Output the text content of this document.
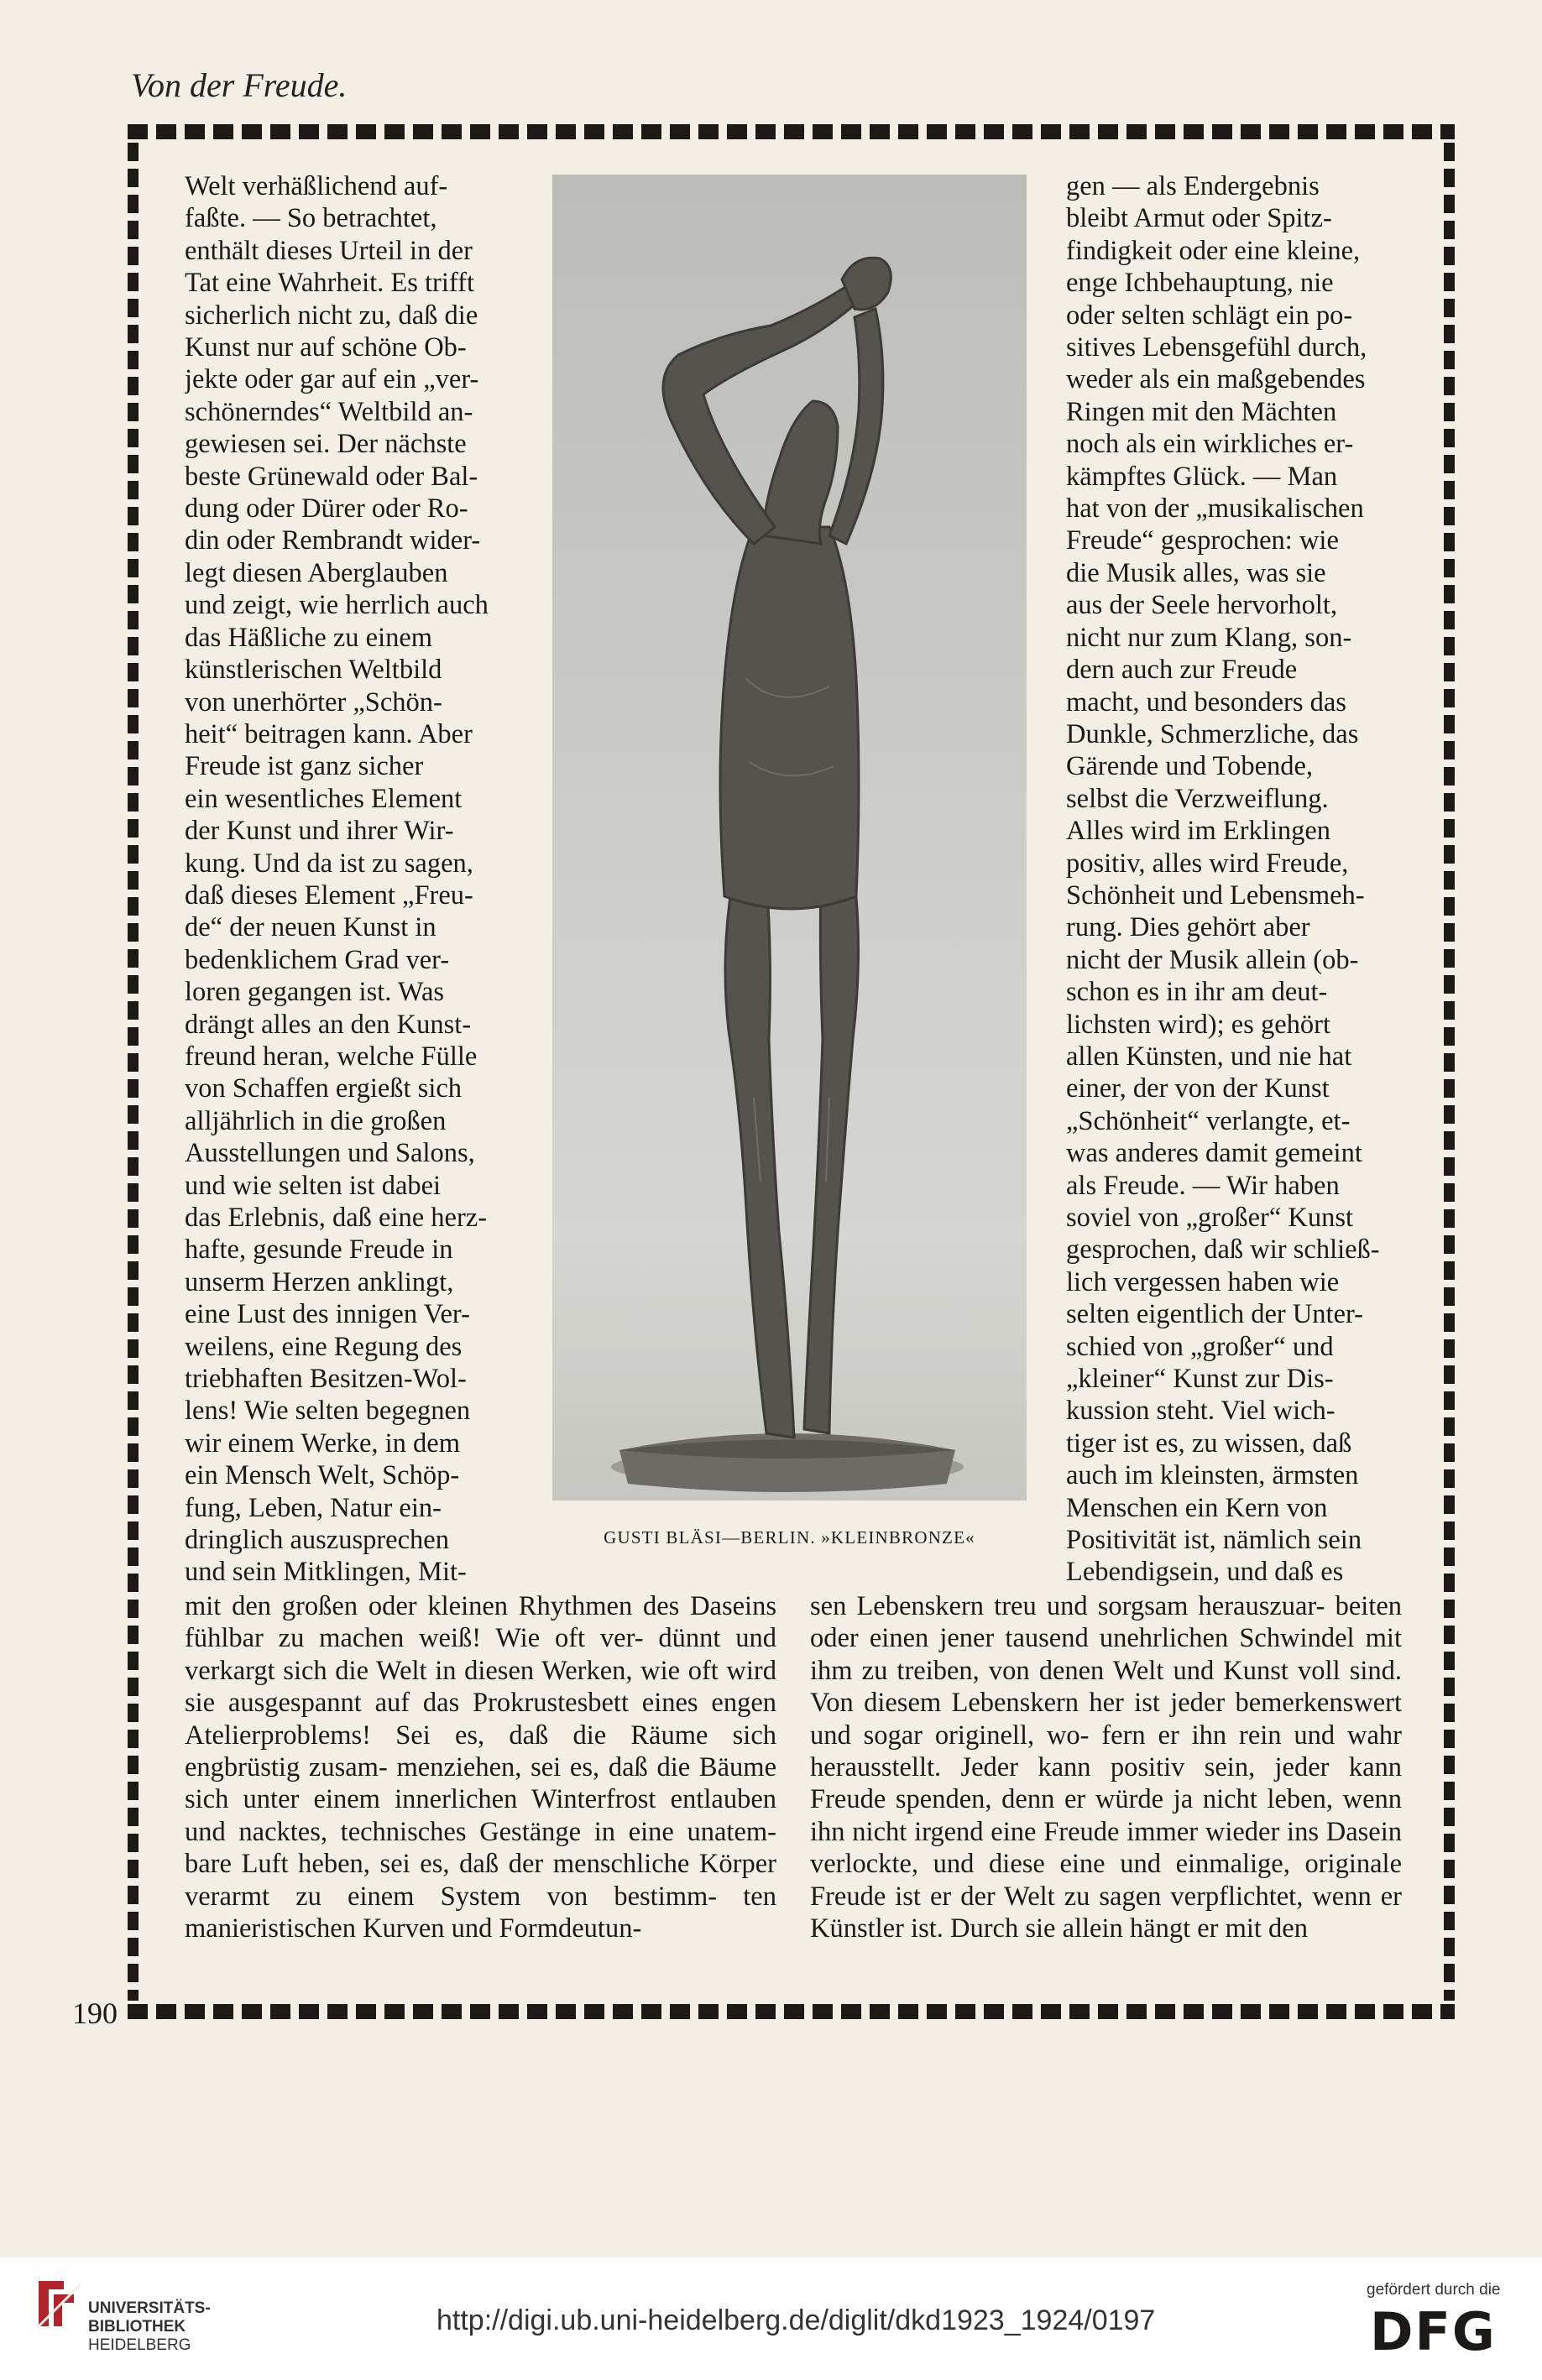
Von der Freude.
190
Welt verhäßlichend auf-
faßte. — So betrachtet,
enthält dieses Urteil in der
Tat eine Wahrheit. Es trifft
sicherlich nicht zu, daß die
Kunst nur auf schöne Ob-
jekte oder gar auf ein „ver-
schönerndes“ Weltbild an-
gewiesen sei. Der nächste
beste Grünewald oder Bal-
dung oder Dürer oder Ro-
din oder Rembrandt wider-
legt diesen Aberglauben
und zeigt, wie herrlich auch
das Häßliche zu einem
künstlerischen Weltbild
von unerhörter „Schön-
heit“ beitragen kann. Aber
Freude ist ganz sicher
ein wesentliches Element
der Kunst und ihrer Wir-
kung. Und da ist zu sagen,
daß dieses Element „Freu-
de“ der neuen Kunst in
bedenklichem Grad ver-
loren gegangen ist. Was
drängt alles an den Kunst-
freund heran, welche Fülle
von Schaffen ergießt sich
alljährlich in die großen
Ausstellungen und Salons,
und wie selten ist dabei
das Erlebnis, daß eine herz-
hafte, gesunde Freude in
unserm Herzen anklingt,
eine Lust des innigen Ver-
weilens, eine Regung des
triebhaften Besitzen-Wol-
lens! Wie selten begegnen
wir einem Werke, in dem
ein Mensch Welt, Schöp-
fung, Leben, Natur ein-
dringlich auszusprechen
und sein Mitklingen, Mit-
GUSTI BLÄSI—BERLIN. »KLEINBRONZE«
gen — als Endergebnis
bleibt Armut oder Spitz-
findigkeit oder eine kleine,
enge Ichbehauptung, nie
oder selten schlägt ein po-
sitives Lebensgefühl durch,
weder als ein maßgebendes
Ringen mit den Mächten
noch als ein wirkliches er-
kämpftes Glück. — Man
hat von der „musikalischen
Freude“ gesprochen: wie
die Musik alles, was sie
aus der Seele hervorholt,
nicht nur zum Klang, son-
dern auch zur Freude
macht, und besonders das
Dunkle, Schmerzliche, das
Gärende und Tobende,
selbst die Verzweiflung.
Alles wird im Erklingen
positiv, alles wird Freude,
Schönheit und Lebensmeh-
rung. Dies gehört aber
nicht der Musik allein (ob-
schon es in ihr am deut-
lichsten wird); es gehört
allen Künsten, und nie hat
einer, der von der Kunst
„Schönheit“ verlangte, et-
was anderes damit gemeint
als Freude. — Wir haben
soviel von „großer“ Kunst
gesprochen, daß wir schließ-
lich vergessen haben wie
selten eigentlich der Unter-
schied von „großer“ und
„kleiner“ Kunst zur Dis-
kussion steht. Viel wich-
tiger ist es, zu wissen, daß
auch im kleinsten, ärmsten
Menschen ein Kern von
Positivität ist, nämlich sein
Lebendigsein, und daß es

mit den großen oder kleinen Rhythmen des Daseins fühlbar zu machen weiß! Wie oft ver- dünnt und verkargt sich die Welt in diesen Werken, wie oft wird sie ausgespannt auf das Prokrustesbett eines engen Atelierproblems! Sei es, daß die Räume sich engbrüstig zusam- menziehen, sei es, daß die Bäume sich unter einem innerlichen Winterfrost entlauben und nacktes, technisches Gestänge in eine unatem- bare Luft heben, sei es, daß der menschliche Körper verarmt zu einem System von bestimm- ten manieristischen Kurven und Formdeutun-

sen Lebenskern treu und sorgsam herauszuar- beiten oder einen jener tausend unehrlichen Schwindel mit ihm zu treiben, von denen Welt und Kunst voll sind. Von diesem Lebenskern her ist jeder bemerkenswert und sogar originell, wo- fern er ihn rein und wahr herausstellt. Jeder kann positiv sein, jeder kann Freude spenden, denn er würde ja nicht leben, wenn ihn nicht irgend eine Freude immer wieder ins Dasein verlockte, und diese eine und einmalige, originale Freude ist er der Welt zu sagen verpflichtet, wenn er Künstler ist. Durch sie allein hängt er mit den

UNIVERSITÄTS-
BIBLIOTHEK
HEIDELBERG
http://digi.ub.uni-heidelberg.de/diglit/dkd1923_1924/0197
gefördert durch die
DFG
